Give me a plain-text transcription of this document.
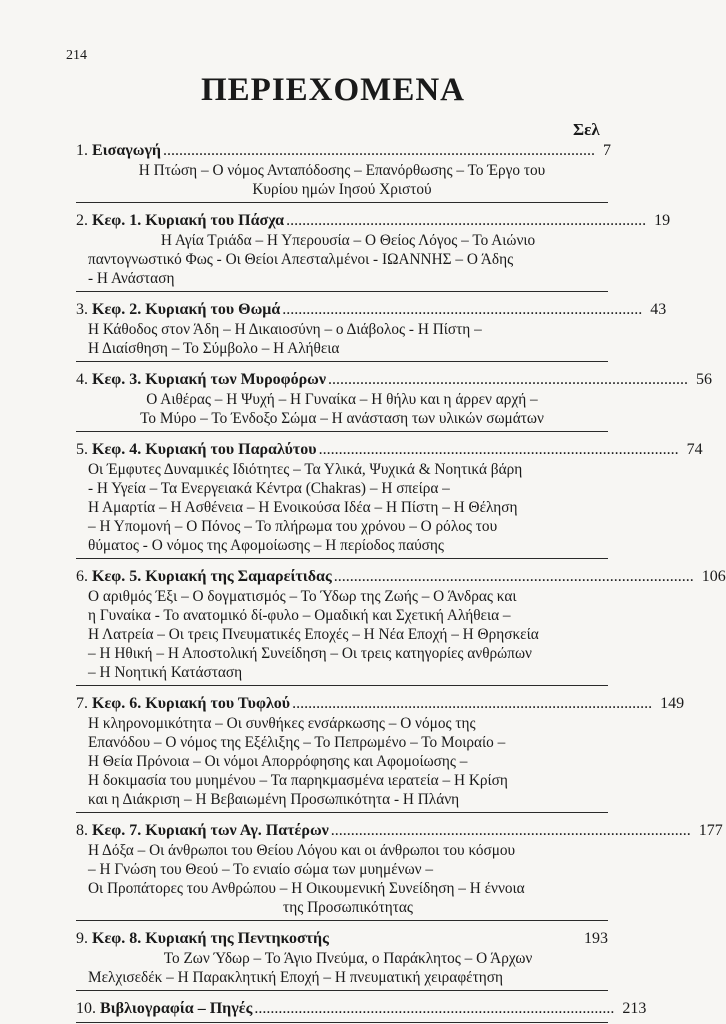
214
ΠΕΡΙΕΧΟΜΕΝΑ
Σελ
1. Εισαγωγή ............................................................................................................ 7
Η Πτώση – Ο νόμος Ανταπόδοσης – Επανόρθωσης – Το Έργο του
Κυρίου ημών Ιησού Χριστού
2. Κεφ. 1. Κυριακή του Πάσχα .......................................................................................... 19
Η Αγία Τριάδα – Η Υπερουσία – Ο Θείος Λόγος – Το Αιώνιο
παντογνωστικό Φως - Οι Θείοι Απεσταλμένοι - ΙΩΑΝΝΗΣ – Ο Άδης
- Η Ανάσταση
3. Κεφ. 2. Κυριακή του Θωμά .......................................................................................... 43
Η Κάθοδος στον Άδη – Η Δικαιοσύνη – ο Διάβολος - Η Πίστη –
Η Διαίσθηση – Το Σύμβολο – Η Αλήθεια
4. Κεφ. 3. Κυριακή των Μυροφόρων .......................................................................................... 56
Ο Αιθέρας – Η Ψυχή – Η Γυναίκα – Η θήλυ και η άρρεν αρχή –
Το Μύρο – Το Ένδοξο Σώμα – Η ανάσταση των υλικών σωμάτων
5. Κεφ. 4. Κυριακή του Παραλύτου .......................................................................................... 74
Οι Έμφυτες Δυναμικές Ιδιότητες – Τα Υλικά, Ψυχικά & Νοητικά βάρη
- Η Υγεία – Τα Ενεργειακά Κέντρα (Chakras) – Η σπείρα –
Η Αμαρτία – Η Ασθένεια – Η Ενοικούσα Ιδέα – Η Πίστη – Η Θέληση
– Η Υπομονή – Ο Πόνος – Το πλήρωμα του χρόνου – Ο ρόλος του
θύματος - Ο νόμος της Αφομοίωσης – Η περίοδος παύσης
6. Κεφ. 5. Κυριακή της Σαμαρείτιδας .......................................................................................... 106
Ο αριθμός Έξι – Ο δογματισμός – Το Ύδωρ της Ζωής – Ο Άνδρας και
η Γυναίκα - Το ανατομικό δί-φυλο – Ομαδική και Σχετική Αλήθεια –
Η Λατρεία – Οι τρεις Πνευματικές Εποχές – Η Νέα Εποχή – Η Θρησκεία
– Η Ηθική – Η Αποστολική Συνείδηση – Οι τρεις κατηγορίες ανθρώπων
– Η Νοητική Κατάσταση
7. Κεφ. 6. Κυριακή του Τυφλού .......................................................................................... 149
Η κληρονομικότητα – Οι συνθήκες ενσάρκωσης – Ο νόμος της
Επανόδου – Ο νόμος της Εξέλιξης – Το Πεπρωμένο – Το Μοιραίο –
Η Θεία Πρόνοια – Οι νόμοι Απορρόφησης και Αφομοίωσης –
Η δοκιμασία του μυημένου – Τα παρηκμασμένα ιερατεία – Η Κρίση
και η Διάκριση – Η Βεβαιωμένη Προσωπικότητα - Η Πλάνη
8. Κεφ. 7. Κυριακή των Αγ. Πατέρων .......................................................................................... 177
Η Δόξα – Οι άνθρωποι του Θείου Λόγου και οι άνθρωποι του κόσμου
– Η Γνώση του Θεού – Το ενιαίο σώμα των μυημένων –
Οι Προπάτορες του Ανθρώπου – Η Οικουμενική Συνείδηση – Η έννοια
της Προσωπικότητας
9. Κεφ. 8. Κυριακή της Πεντηκοστής	193
Το Ζων Ύδωρ – Το Άγιο Πνεύμα, ο Παράκλητος – Ο Άρχων
Μελχισεδέκ – Η Παρακλητική Εποχή – Η πνευματική χειραφέτηση
10. Βιβλιογραφία – Πηγές .......................................................................................... 213
